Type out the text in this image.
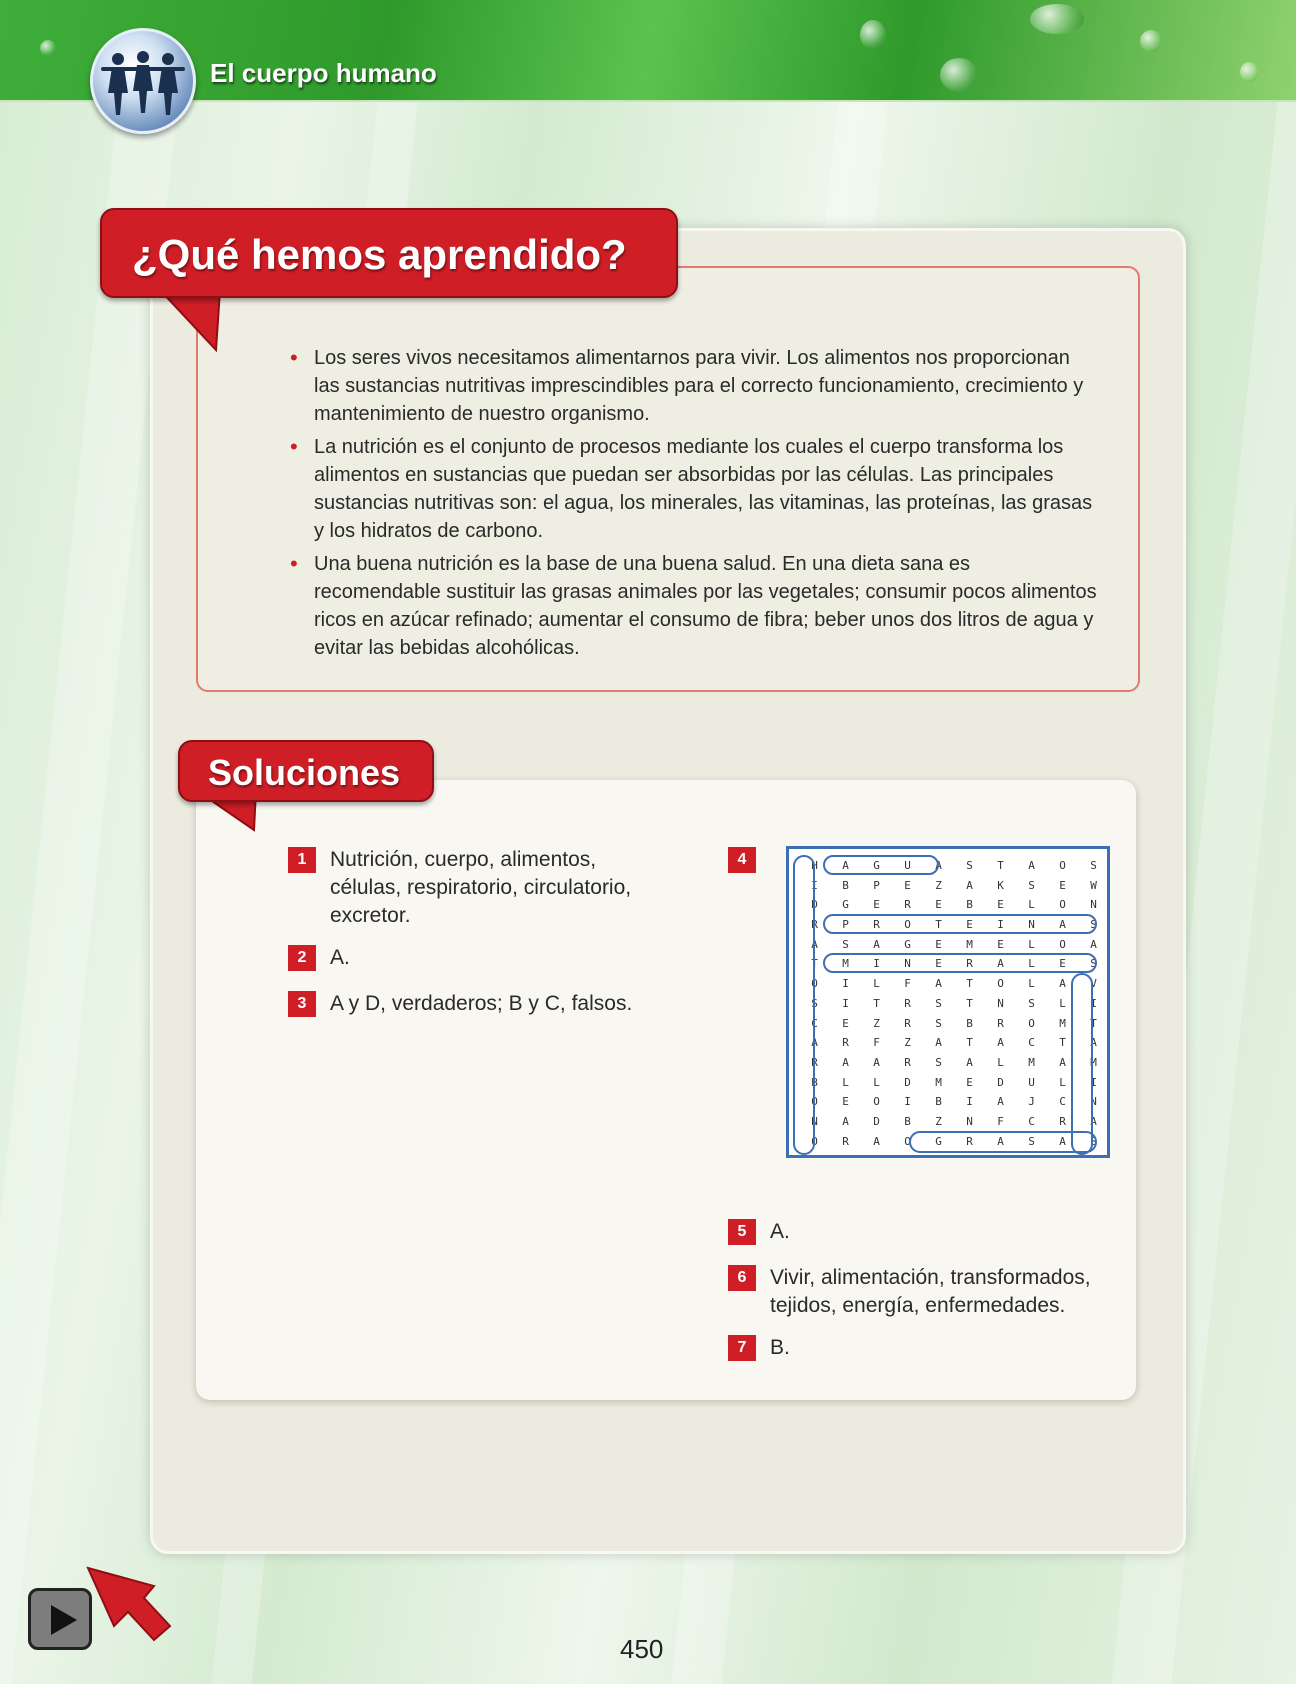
El cuerpo humano
¿Qué hemos aprendido?
• Los seres vivos necesitamos alimentarnos para vivir. Los alimentos nos proporcionan las sustancias nutritivas imprescindibles para el correcto funcionamiento, crecimiento y mantenimiento de nuestro organismo.
• La nutrición es el conjunto de procesos mediante los cuales el cuerpo transforma los alimentos en sustancias que puedan ser absorbidas por las células. Las principales sustancias nutritivas son: el agua, los minerales, las vitaminas, las proteínas, las grasas y los hidratos de carbono.
• Una buena nutrición es la base de una buena salud. En una dieta sana es recomendable sustituir las grasas animales por las vegetales; consumir pocos alimentos ricos en azúcar refinado; aumentar el consumo de fibra; beber unos dos litros de agua y evitar las bebidas alcohólicas.
Soluciones
1	Nutrición, cuerpo, alimentos, células, respiratorio, circulatorio, excretor.
2	A.
3	A y D, verdaderos; B y C, falsos.
4	H	A	G	U	A	S	T	A	O	S
I	B	P	E	Z	A	K	S	E	W
D	G	E	R	E	B	E	L	O	N
R	P	R	O	T	E	I	N	A	S
A	S	A	G	E	M	E	L	O	A
T	M	I	N	E	R	A	L	E	S
O	I	L	F	A	T	O	L	A	V
S	I	T	R	S	T	N	S	L	I
C	E	Z	R	S	B	R	O	M	T
A	R	F	Z	A	T	A	C	T	A
R	A	A	R	S	A	L	M	A	M
B	L	L	D	M	E	D	U	L	I
O	E	O	I	B	I	A	J	C	N
N	A	D	B	Z	N	F	C	R	A
O	R	A	O	G	R	A	S	A	S
5	A.
6	Vivir, alimentación, transformados, tejidos, energía, enfermedades.
7	B.
450
